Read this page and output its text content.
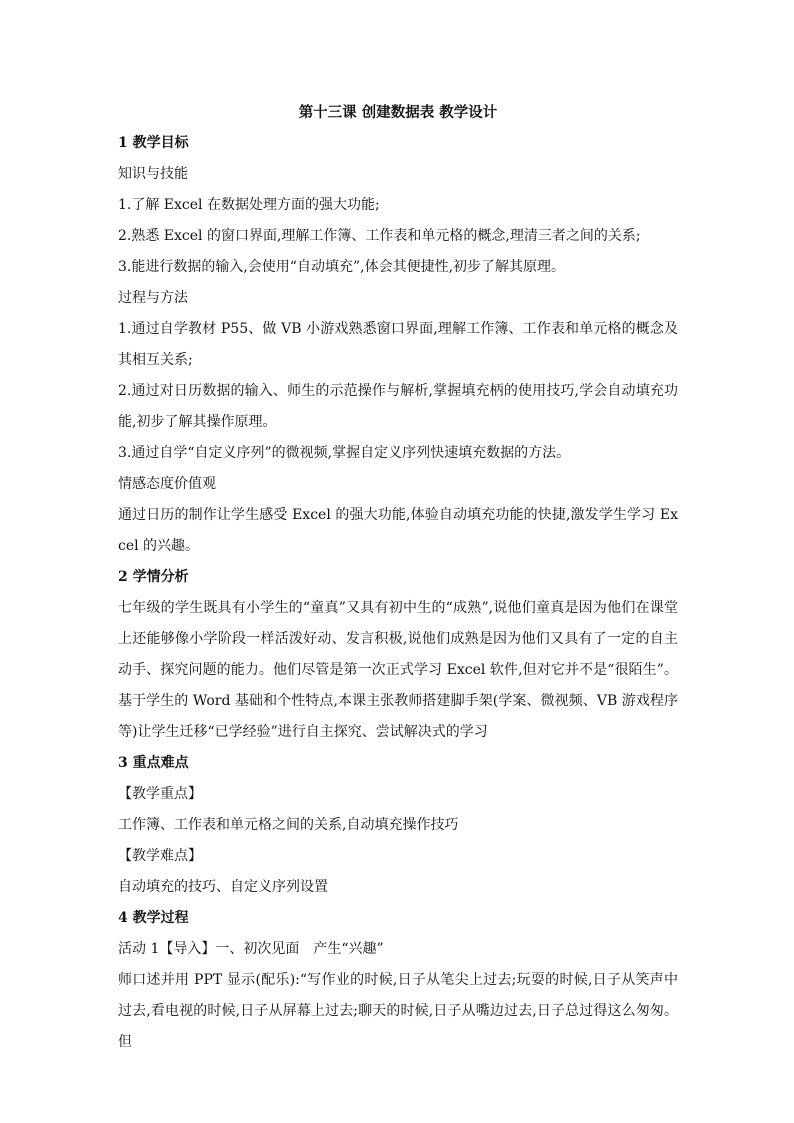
第十三课 创建数据表 教学设计

1 教学目标

知识与技能

1.了解 Excel 在数据处理方面的强大功能;

2.熟悉 Excel 的窗口界面,理解工作簿、工作表和单元格的概念,理清三者之间的关系;

3.能进行数据的输入,会使用“自动填充”,体会其便捷性,初步了解其原理。

过程与方法

1.通过自学教材 P55、做 VB 小游戏熟悉窗口界面,理解工作簿、工作表和单元格的概念及其相互关系;

2.通过对日历数据的输入、师生的示范操作与解析,掌握填充柄的使用技巧,学会自动填充功能,初步了解其操作原理。

3.通过自学“自定义序列”的微视频,掌握自定义序列快速填充数据的方法。

情感态度价值观

通过日历的制作让学生感受 Excel 的强大功能,体验自动填充功能的快捷,激发学生学习 Excel 的兴趣。

2 学情分析

七年级的学生既具有小学生的“童真”又具有初中生的“成熟”,说他们童真是因为他们在课堂上还能够像小学阶段一样活泼好动、发言积极,说他们成熟是因为他们又具有了一定的自主动手、探究问题的能力。他们尽管是第一次正式学习 Excel 软件,但对它并不是“很陌生”。基于学生的 Word 基础和个性特点,本课主张教师搭建脚手架(学案、微视频、VB 游戏程序等)让学生迁移“已学经验”进行自主探究、尝试解决式的学习

3 重点难点

【教学重点】

工作簿、工作表和单元格之间的关系,自动填充操作技巧

【教学难点】

自动填充的技巧、自定义序列设置

4 教学过程

活动 1【导入】一、初次见面　产生“兴趣”

师口述并用 PPT 显示(配乐):“写作业的时候,日子从笔尖上过去;玩耍的时候,日子从笑声中过去,看电视的时候,日子从屏幕上过去;聊天的时候,日子从嘴边过去,日子总过得这么匆匆。但
